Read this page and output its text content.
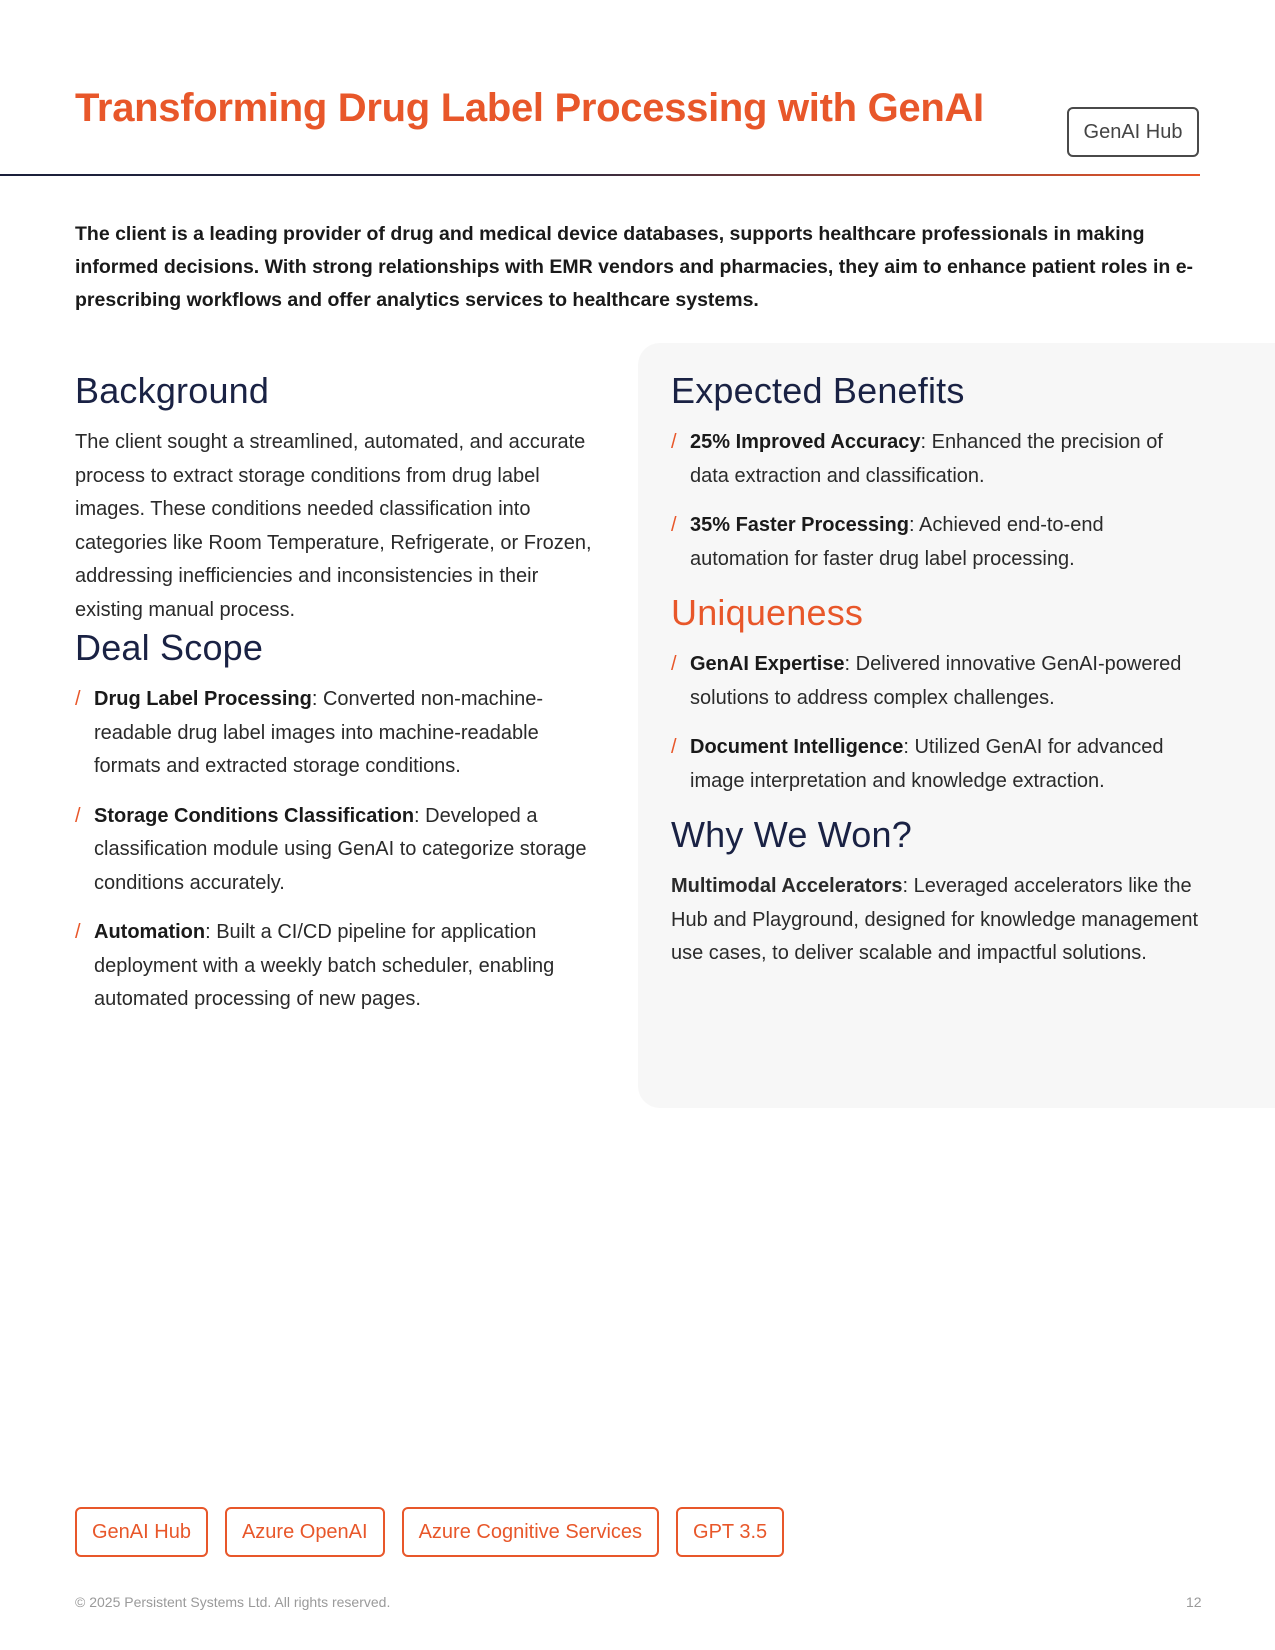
Transforming Drug Label Processing with GenAI
GenAI Hub

The client is a leading provider of drug and medical device databases, supports healthcare professionals in making informed decisions. With strong relationships with EMR vendors and pharmacies, they aim to enhance patient roles in e-prescribing workflows and offer analytics services to healthcare systems.

Background

The client sought a streamlined, automated, and accurate process to extract storage conditions from drug label images. These conditions needed classification into categories like Room Temperature, Refrigerate, or Frozen, addressing inefficiencies and inconsistencies in their existing manual process.

Deal Scope
/ Drug Label Processing: Converted non-machine-readable drug label images into machine-readable formats and extracted storage conditions.
/ Storage Conditions Classification: Developed a classification module using GenAI to categorize storage conditions accurately.
/ Automation: Built a CI/CD pipeline for application deployment with a weekly batch scheduler, enabling automated processing of new pages.
Expected Benefits
/ 25% Improved Accuracy: Enhanced the precision of data extraction and classification.
/ 35% Faster Processing: Achieved end-to-end automation for faster drug label processing.
Uniqueness
/ GenAI Expertise: Delivered innovative GenAI-powered solutions to address complex challenges.
/ Document Intelligence: Utilized GenAI for advanced image interpretation and knowledge extraction.
Why We Won?

Multimodal Accelerators: Leveraged accelerators like the Hub and Playground, designed for knowledge management use cases, to deliver scalable and impactful solutions.

GenAI Hub	Azure OpenAI	Azure Cognitive Services	GPT 3.5
© 2025 Persistent Systems Ltd. All rights reserved.	12
